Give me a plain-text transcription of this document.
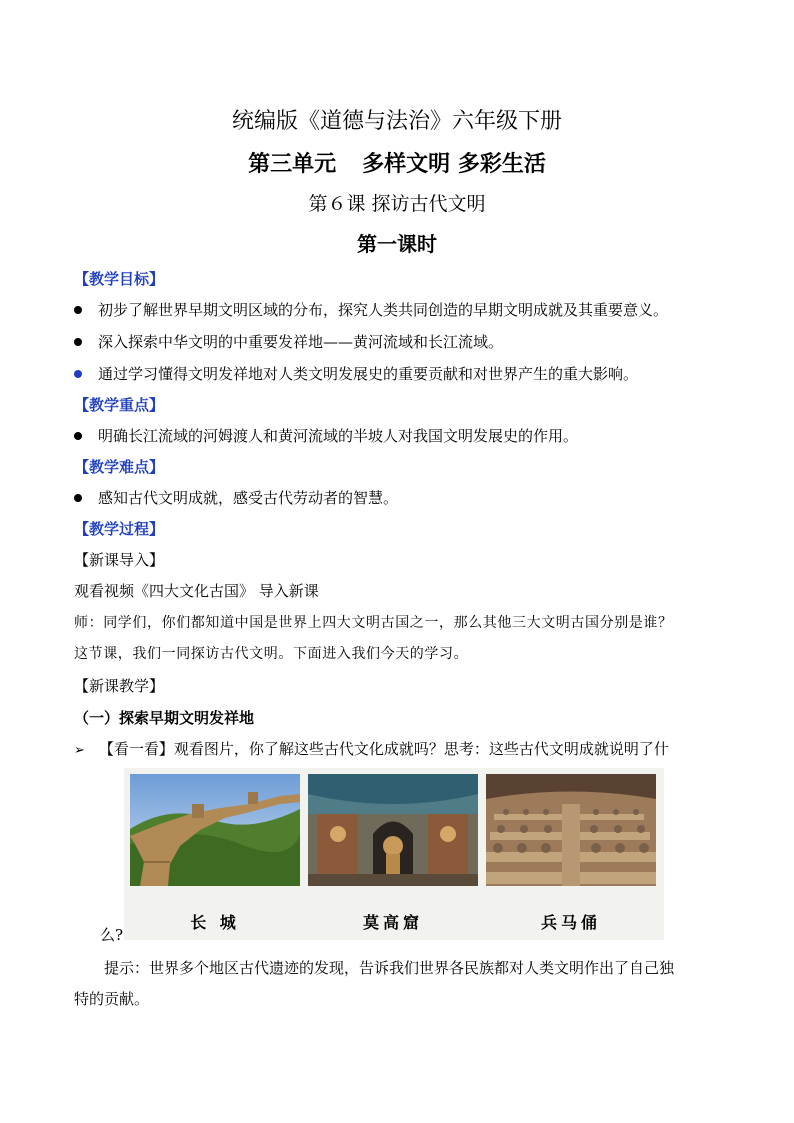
统编版《道德与法治》六年级下册
第三单元 多样文明 多彩生活
第６课 探访古代文明
第一课时
【教学目标】
初步了解世界早期文明区域的分布，探究人类共同创造的早期文明成就及其重要意义。
深入探索中华文明的中重要发祥地——黄河流域和长江流域。
通过学习懂得文明发祥地对人类文明发展史的重要贡献和对世界产生的重大影响。
【教学重点】
明确长江流域的河姆渡人和黄河流域的半坡人对我国文明发展史的作用。
【教学难点】
感知古代文明成就，感受古代劳动者的智慧。
【教学过程】
【新课导入】
观看视频《四大文化古国》 导入新课
师：同学们，你们都知道中国是世界上四大文明古国之一，那么其他三大文明古国分别是谁？
这节课，我们一同探访古代文明。下面进入我们今天的学习。
【新课教学】
（一）探索早期文明发祥地
➢ 【看一看】观看图片，你了解这些古代文化成就吗？思考：这些古代文明成就说明了什
长 城	莫高窟	兵马俑
么?
提示：世界多个地区古代遗迹的发现，告诉我们世界各民族都对人类文明作出了自己独
特的贡献。
